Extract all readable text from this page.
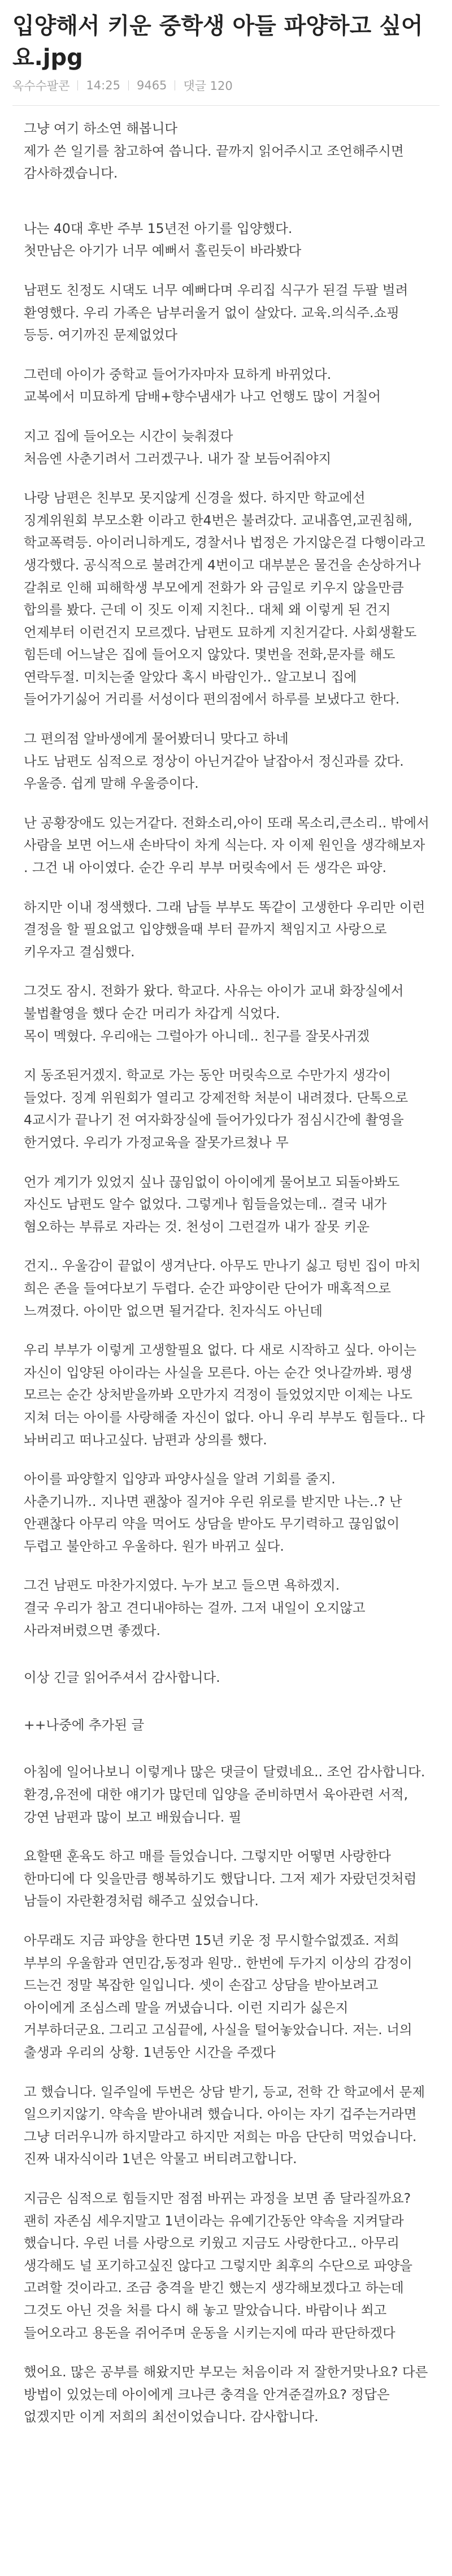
입양해서 키운 중학생 아들 파양하고 싶어요.jpg
옥수수팔콘 14:25 9465 댓글 120

그냥 여기 하소연 해봅니다
제가 쓴 일기를 참고하여 씁니다. 끝까지 읽어주시고 조언해주시면 감사하겠습니다.

나는 40대 후반 주부 15년전 아기를 입양했다.
첫만남은 아기가 너무 예뻐서 홀린듯이 바라봤다

남편도 친정도 시댁도 너무 예뻐다며 우리집 식구가 된걸 두팔 벌려 환영했다. 우리 가족은 남부러울거 없이 살았다. 교육.의식주.쇼핑 등등. 여기까진 문제없었다

그런데 아이가 중학교 들어가자마자 묘하게 바뀌었다.
교복에서 미묘하게 담배+향수냄새가 나고 언행도 많이 거칠어

지고 집에 들어오는 시간이 늦춰졌다
처음엔 사춘기려서 그러겠구나. 내가 잘 보듬어줘야지

나랑 남편은 친부모 못지않게 신경을 썼다. 하지만 학교에선 징계위원회 부모소환 이라고 한4번은 불려갔다. 교내흡연,교권침해,학교폭력등. 아이러니하게도, 경찰서나 법정은 가지않은걸 다행이라고 생각했다. 공식적으로 불려간게 4번이고 대부분은 물건을 손상하거나 갈취로 인해 피해학생 부모에게 전화가 와 금일로 키우지 않을만큼 합의를 봤다. 근데 이 짓도 이제 지친다.. 대체 왜 이렇게 된 건지 언제부터 이런건지 모르겠다. 남편도 묘하게 지친거같다. 사회생활도 힘든데 어느날은 집에 들어오지 않았다. 몇번을 전화,문자를 해도 연락두절. 미치는줄 알았다 혹시 바람인가.. 알고보니 집에 들어가기싫어 거리를 서성이다 편의점에서 하루를 보냈다고 한다.

그 편의점 알바생에게 물어봤더니 맞다고 하네
나도 남편도 심적으로 정상이 아닌거같아 날잡아서 정신과를 갔다. 우울증. 쉽게 말해 우울증이다.

난 공황장애도 있는거같다. 전화소리,아이 또래 목소리,큰소리.. 밖에서 사람을 보면 어느새 손바닥이 차게 식는다. 자 이제 원인을 생각해보자 . 그건 내 아이였다. 순간 우리 부부 머릿속에서 든 생각은 파양.

하지만 이내 정색했다. 그래 남들 부부도 똑같이 고생한다 우리만 이런 결정을 할 필요없고 입양했을때 부터 끝까지 책임지고 사랑으로 키우자고 결심했다.

그것도 잠시. 전화가 왔다. 학교다. 사유는 아이가 교내 화장실에서 불법촬영을 했다 순간 머리가 차갑게 식었다.
목이 멕혔다. 우리애는 그럴아가 아니데.. 친구를 잘못사귀겠

지 동조된거겠지. 학교로 가는 동안 머릿속으로 수만가지 생각이 들었다. 징계 위원회가 열리고 강제전학 처분이 내려졌다. 단톡으로 4교시가 끝나기 전 여자화장실에 들어가있다가 점심시간에 촬영을 한거였다. 우리가 가정교육을 잘못가르쳤나 무

언가 계기가 있었지 싶나 끊임없이 아이에게 물어보고 되돌아봐도 자신도 남편도 알수 없었다. 그렇게나 힘들을었는데.. 결국 내가 혐오하는 부류로 자라는 것. 천성이 그런걸까 내가 잘못 키운

건지.. 우울감이 끝없이 생겨난다. 아무도 만나기 싫고 텅빈 집이 마치 희은 존을 들여다보기 두렵다. 순간 파양이란 단어가 매혹적으로 느껴졌다. 아이만 없으면 될거같다. 친자식도 아닌데

우리 부부가 이렇게 고생할필요 없다. 다 새로 시작하고 싶다. 아이는 자신이 입양된 아이라는 사실을 모른다. 아는 순간 엇나갈까봐. 평생 모르는 순간 상처받을까봐 오만가지 걱정이 들었었지만 이제는 나도 지쳐 더는 아이를 사랑해줄 자신이 없다. 아니 우리 부부도 힘들다.. 다 놔버리고 떠나고싶다. 남편과 상의를 했다.

아이를 파양할지 입양과 파양사실을 알려 기회를 줄지.
사춘기니까.. 지나면 괜찮아 질거야 우린 위로를 받지만 나는..? 난 안괜찮다 아무리 약을 먹어도 상담을 받아도 무기력하고 끊임없이 두렵고 불안하고 우울하다. 원가 바뀌고 싶다.

그건 남편도 마찬가지였다. 누가 보고 들으면 욕하겠지.
결국 우리가 참고 견디내야하는 걸까. 그저 내일이 오지않고 사라져버렸으면 좋겠다.

이상 긴글 읽어주셔서 감사합니다.

++나중에 추가된 글

아침에 일어나보니 이렇게나 많은 댓글이 달렸네요.. 조언 감사합니다. 환경,유전에 대한 얘기가 많던데 입양을 준비하면서 육아관련 서적,강연 남편과 많이 보고 배웠습니다. 필

요할땐 훈육도 하고 매를 들었습니다. 그렇지만 어떻면 사랑한다 한마디에 다 잊을만큼 행복하기도 했답니다. 그저 제가 자랐던것처럼 남들이 자란환경처럼 해주고 싶었습니다.

아무래도 지금 파양을 한다면 15년 키운 정 무시할수없겠죠. 저희 부부의 우울함과 연민감,동정과 원망.. 한번에 두가지 이상의 감정이 드는건 정말 복잡한 일입니다. 셋이 손잡고 상담을 받아보려고 아이에게 조심스레 말을 꺼냈습니다. 이런 지리가 싫은지 거부하더군요. 그리고 고심끝에, 사실을 털어놓았습니다. 저는. 너의 출생과 우리의 상황. 1년동안 시간을 주겠다

고 했습니다. 일주일에 두번은 상담 받기, 등교, 전학 간 학교에서 문제 일으키지않기. 약속을 받아내려 했습니다. 아이는 자기 겁주는거라면 그냥 더러우니까 하지말라고 하지만 저희는 마음 단단히 먹었습니다.
진짜 내자식이라 1년은 악물고 버티려고합니다.

지금은 심적으로 힘들지만 점점 바뀌는 과정을 보면 좀 달라질까요? 괜히 자존심 세우지말고 1년이라는 유예기간동안 약속을 지켜달라 했습니다. 우린 너를 사랑으로 키웠고 지금도 사랑한다고.. 아무리 생각해도 널 포기하고싶진 않다고 그렇지만 최후의 수단으로 파양을 고려할 것이라고. 조금 충격을 받긴 했는지 생각해보겠다고 하는데 그것도 아닌 것을 처를 다시 해 놓고 말았습니다. 바람이나 쐬고 들어오라고 용돈을 쥐어주며 운동을 시키는지에 따라 판단하겠다

했어요. 많은 공부를 해왔지만 부모는 처음이라 저 잘한거맞나요? 다른 방법이 있었는데 아이에게 크나큰 충격을 안겨준걸까요? 정답은 없겠지만 이게 저희의 최선이었습니다. 감사합니다.
